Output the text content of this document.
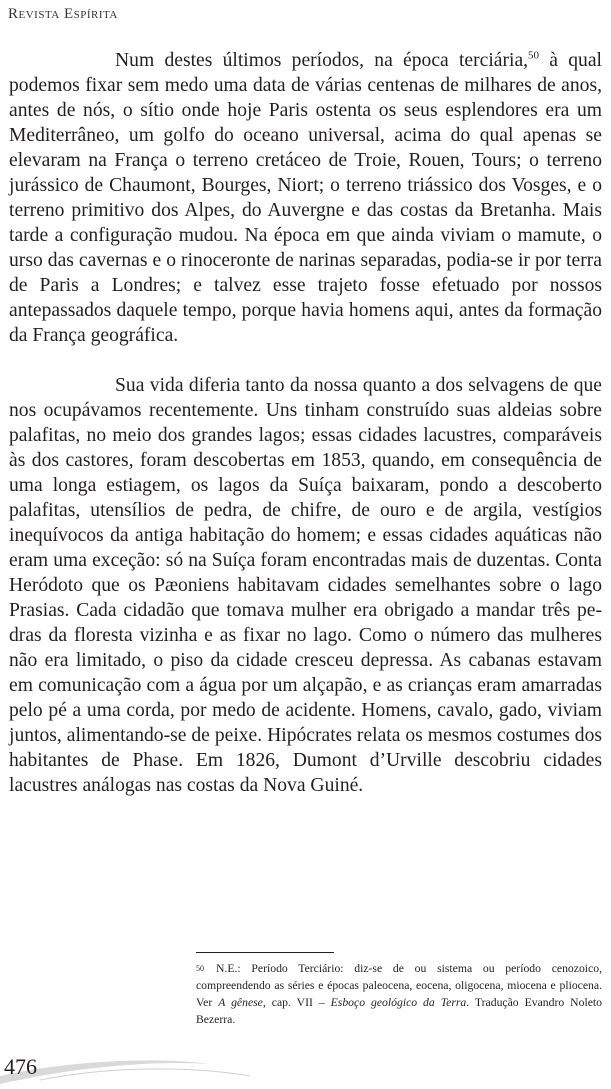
Revista Espírita

Num destes últimos períodos, na época terciária,$^{50}$ à qual podemos fixar sem medo uma data de várias centenas de milhares de anos, antes de nós, o sítio onde hoje Paris ostenta os seus esplendores era um Mediterrâneo, um golfo do oceano universal, acima do qual apenas se elevaram na França o terreno cretáceo de Troie, Rouen, Tours; o terreno jurássico de Chaumont, Bourges, Niort; o terreno triássico dos Vosges, e o terreno primitivo dos Alpes, do Auvergne e das costas da Bretanha. Mais tarde a configuração mudou. Na época em que ainda viviam o mamute, o urso das cavernas e o rinoceronte de narinas separadas, podia-se ir por terra de Paris a Londres; e talvez esse trajeto fosse efetuado por nossos antepassados daquele tempo, porque havia homens aqui, antes da formação da França geográfica.

Sua vida diferia tanto da nossa quanto a dos selvagens de que nos ocupávamos recentemente. Uns tinham construído suas aldeias sobre palafitas, no meio dos grandes lagos; essas cidades lacustres, comparáveis às dos castores, foram descobertas em 1853, quando, em consequência de uma longa estiagem, os lagos da Suíça baixaram, pondo a descoberto palafitas, utensílios de pedra, de chifre, de ouro e de argila, vestígios inequívocos da antiga habitação do homem; e essas cidades aquáticas não eram uma exceção: só na Suíça foram encontradas mais de duzentas. Conta Heródoto que os Pæoniens habitavam cidades semelhantes sobre o lago Prasias. Cada cidadão que tomava mulher era obrigado a mandar três pedras da floresta vizinha e as fixar no lago. Como o número das mulheres não era limitado, o piso da cidade cresceu depressa. As cabanas estavam em comunicação com a água por um alçapão, e as crianças eram amarradas pelo pé a uma corda, por medo de acidente. Homens, cavalo, gado, viviam juntos, alimentando-se de peixe. Hipócrates relata os mesmos costumes dos habitantes de Phase. Em 1826, Dumont d’Urville descobriu cidades lacustres análogas nas costas da Nova Guiné.

$^{50}$ N.E.: Período Terciário: diz-se de ou sistema ou período cenozoico, compreendendo as séries e épocas paleocena, eocena, oligocena, miocena e pliocena. Ver A gênese, cap. VII – Esboço geológico da Terra. Tradução Evandro Noleto Bezerra.
476
